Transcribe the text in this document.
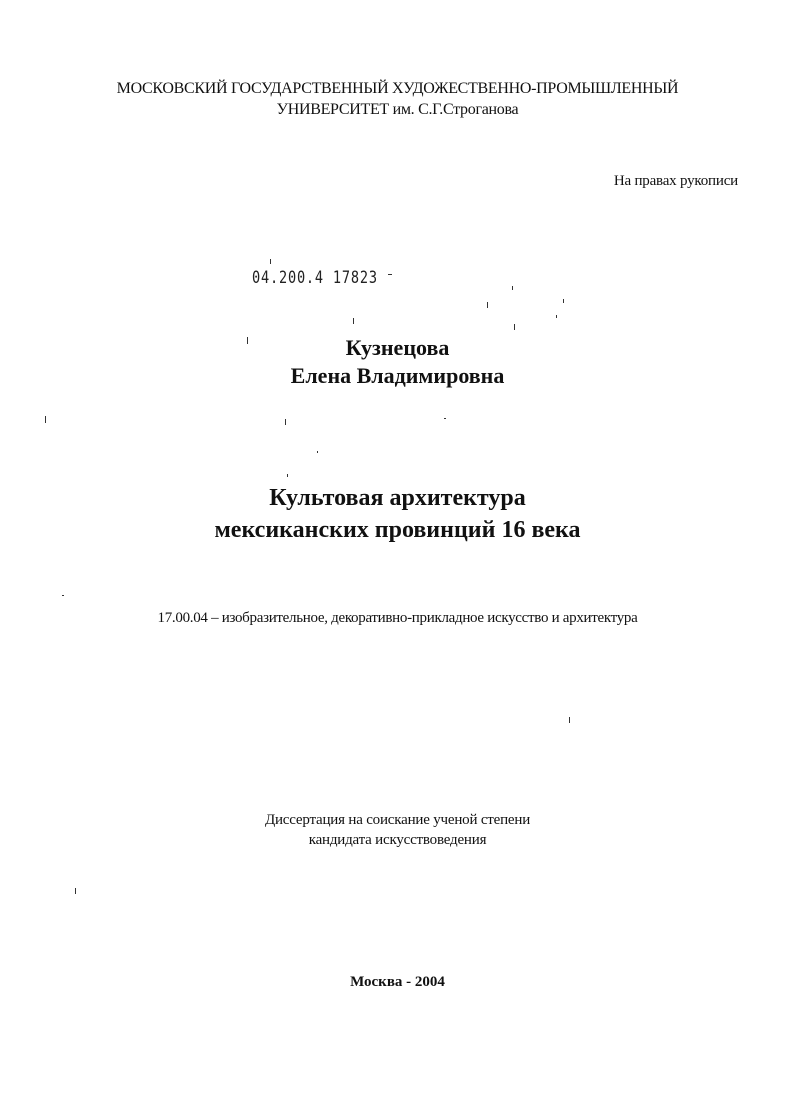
МОСКОВСКИЙ ГОСУДАРСТВЕННЫЙ ХУДОЖЕСТВЕННО-ПРОМЫШЛЕННЫЙ
УНИВЕРСИТЕТ им. С.Г.Строганова
На правах рукописи
04.200.4 17823
Кузнецова
Елена Владимировна
Культовая архитектура
мексиканских провинций 16 века
17.00.04 – изобразительное, декоративно-прикладное искусство и архитектура
Диссертация на соискание ученой степени
кандидата искусствоведения
Москва - 2004
